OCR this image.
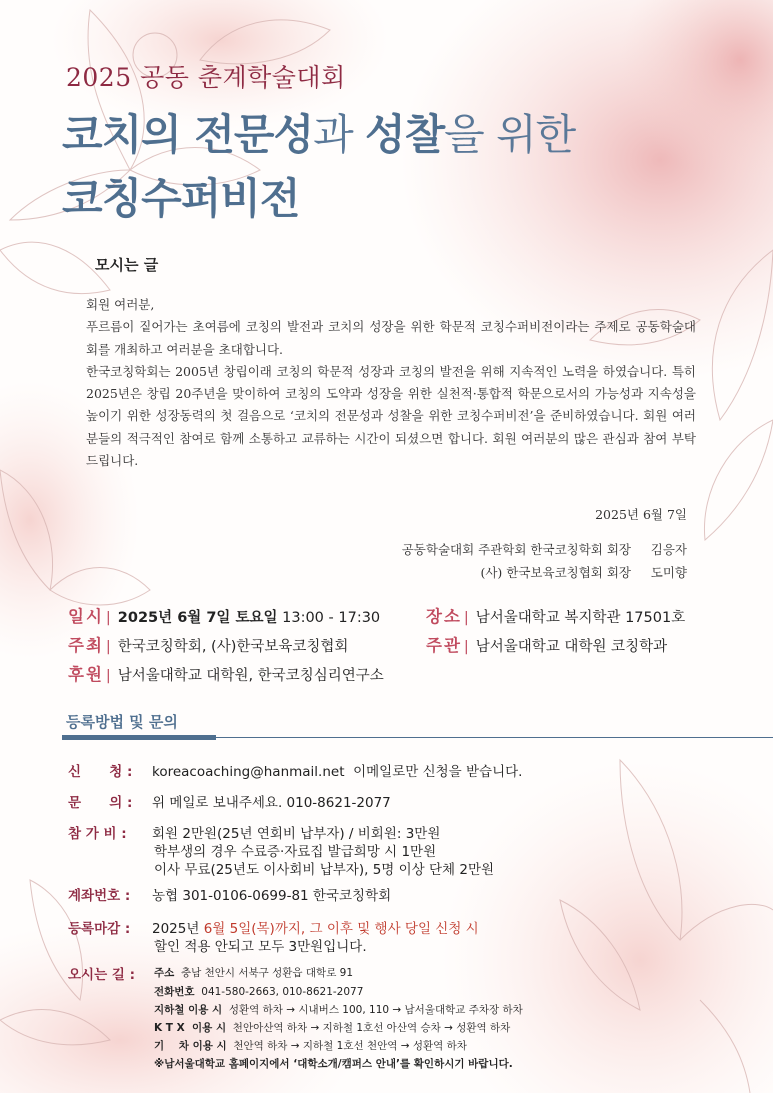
2025 공동 춘계학술대회
코치의 전문성과 성찰을 위한
코칭수퍼비전
모시는 글

회원 여러분,

푸르름이 짙어가는 초여름에 코칭의 발전과 코치의 성장을 위한 학문적 코칭수퍼비전이라는 주제로 공동학술대회를 개최하고 여러분을 초대합니다.

한국코칭학회는 2005년 창립이래 코칭의 학문적 성장과 코칭의 발전을 위해 지속적인 노력을 하였습니다. 특히 2025년은 창립 20주년을 맞이하여 코칭의 도약과 성장을 위한 실천적·통합적 학문으로서의 가능성과 지속성을 높이기 위한 성장동력의 첫 걸음으로 ‘코치의 전문성과 성찰을 위한 코칭수퍼비전’을 준비하였습니다. 회원 여러분들의 적극적인 참여로 함께 소통하고 교류하는 시간이 되셨으면 합니다. 회원 여러분의 많은 관심과 참여 부탁드립니다.

2025년 6월 7일
공동학술대회 주관학회 한국코칭학회 회장 김응자
(사) 한국보육코칭협회 회장 도미향
일시 | 2025년 6월 7일 토요일 13:00 - 17:30	장소 | 남서울대학교 복지학관 17501호
주최 | 한국코칭학회, (사)한국보육코칭협회	주관 | 남서울대학교 대학원 코칭학과
후원 | 남서울대학교 대학원, 한국코칭심리연구소
등록방법 및 문의
신      청 : koreacoaching@hanmail.net 이메일로만 신청을 받습니다.
문      의 : 위 메일로 보내주세요. 010-8621-2077
참 가 비 : 회원 2만원(25년 연회비 납부자) / 비회원: 3만원
학부생의 경우 수료증·자료집 발급희망 시 1만원
이사 무료(25년도 이사회비 납부자), 5명 이상 단체 2만원
계좌번호 : 농협 301-0106-0699-81 한국코칭학회
등록마감 : 2025년 6월 5일(목)까지, 그 이후 및 행사 당일 신청 시
할인 적용 안되고 모두 3만원입니다.
오시는 길 :	주소 충남 천안시 서북구 성환읍 대학로 91
전화번호 041-580-2663, 010-8621-2077
지하철 이용 시 성환역 하차 → 시내버스 100, 110 → 남서울대학교 주차장 하차
K T X  이용 시 천안아산역 하차 → 지하철 1호선 아산역 승차 → 성환역 하차
기    차 이용 시 천안역 하차 → 지하철 1호선 천안역 → 성환역 하차
※남서울대학교 홈페이지에서 ‘대학소개/캠퍼스 안내’를 확인하시기 바랍니다.
